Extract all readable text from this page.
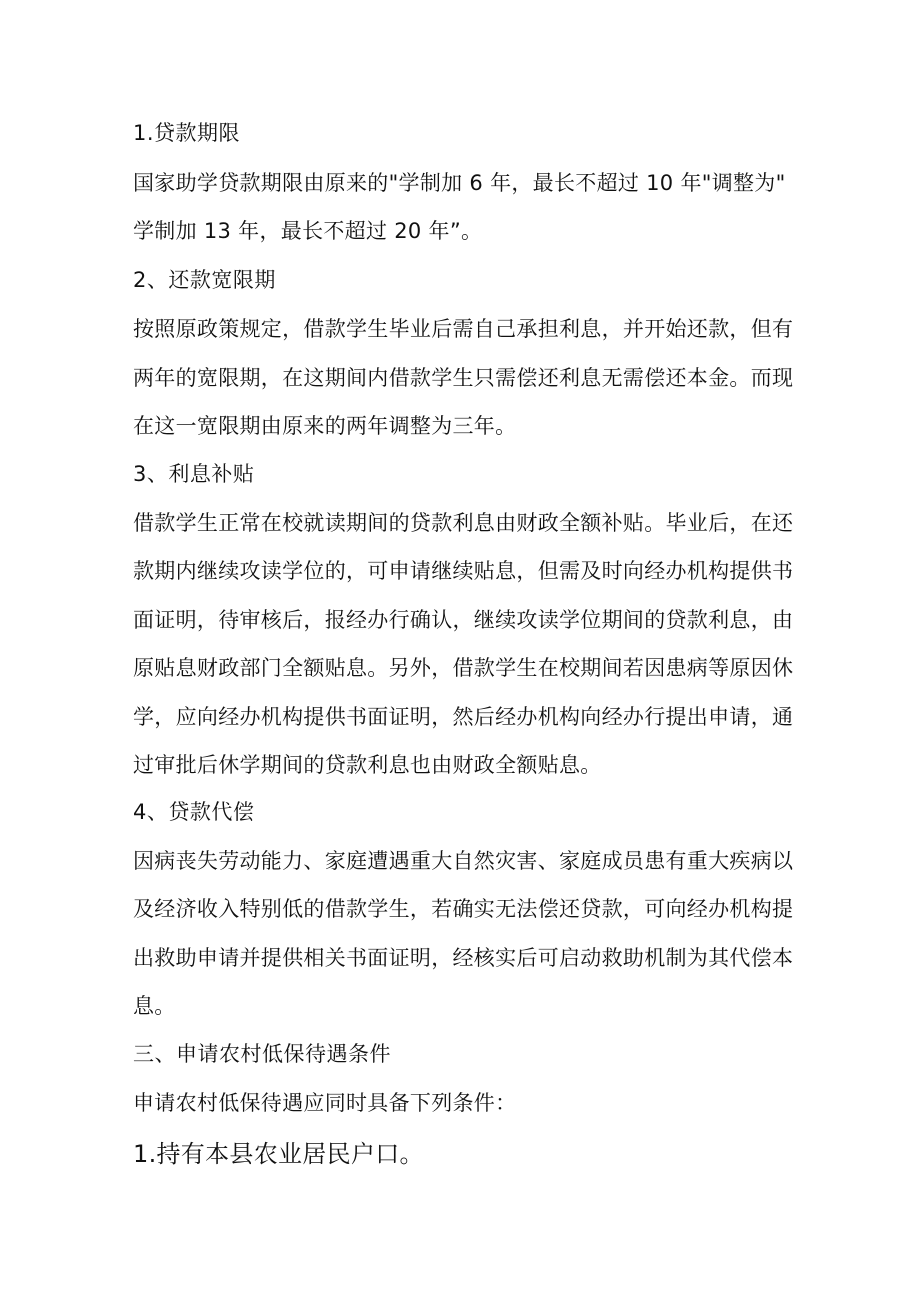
1.贷款期限

国家助学贷款期限由原来的"学制加 6 年，最长不超过 10 年"调整为"

学制加 13 年，最长不超过 20 年”。

2、还款宽限期

按照原政策规定，借款学生毕业后需自己承担利息，并开始还款，但有

两年的宽限期，在这期间内借款学生只需偿还利息无需偿还本金。而现

在这一宽限期由原来的两年调整为三年。

3、利息补贴

借款学生正常在校就读期间的贷款利息由财政全额补贴。毕业后，在还

款期内继续攻读学位的，可申请继续贴息，但需及时向经办机构提供书

面证明，待审核后，报经办行确认，继续攻读学位期间的贷款利息，由

原贴息财政部门全额贴息。另外，借款学生在校期间若因患病等原因休

学，应向经办机构提供书面证明，然后经办机构向经办行提出申请，通

过审批后休学期间的贷款利息也由财政全额贴息。

4、贷款代偿

因病丧失劳动能力、家庭遭遇重大自然灾害、家庭成员患有重大疾病以

及经济收入特别低的借款学生，若确实无法偿还贷款，可向经办机构提

出救助申请并提供相关书面证明，经核实后可启动救助机制为其代偿本

息。

三、申请农村低保待遇条件

申请农村低保待遇应同时具备下列条件：

1.持有本县农业居民户口。
